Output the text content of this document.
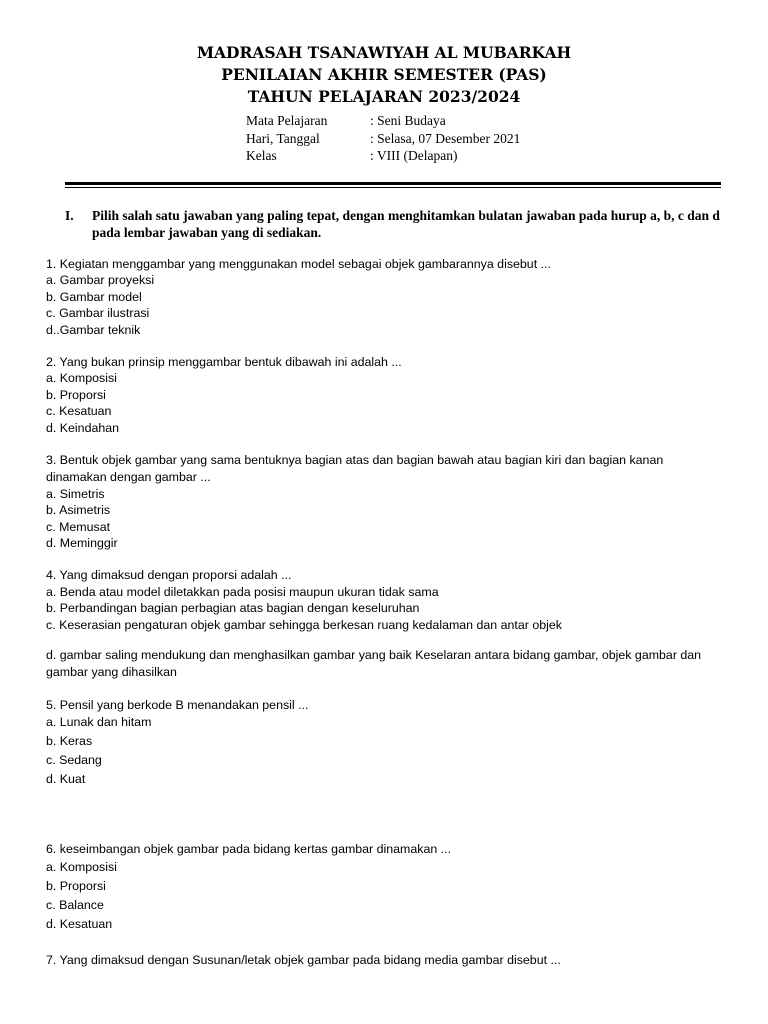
MADRASAH TSANAWIYAH AL MUBARKAH
PENILAIAN AKHIR SEMESTER (PAS)
TAHUN PELAJARAN 2023/2024
Mata Pelajaran	: Seni Budaya
Hari, Tanggal	: Selasa, 07 Desember 2021
Kelas	: VIII (Delapan)
I.	Pilih salah satu jawaban yang paling tepat, dengan menghitamkan bulatan jawaban pada hurup a, b, c dan d pada lembar jawaban yang di sediakan.
1. Kegiatan menggambar yang menggunakan model sebagai objek gambarannya disebut ...
a. Gambar proyeksi
b. Gambar model
c. Gambar ilustrasi
d..Gambar teknik
2. Yang bukan prinsip menggambar bentuk dibawah ini adalah ...
a. Komposisi
b. Proporsi
c. Kesatuan
d. Keindahan
3. Bentuk objek gambar yang sama bentuknya bagian atas dan bagian bawah atau bagian kiri dan bagian kanan dinamakan dengan gambar ...
a. Simetris
b. Asimetris
c. Memusat
d. Meminggir
4. Yang dimaksud dengan proporsi adalah ...
a. Benda atau model diletakkan pada posisi maupun ukuran tidak sama
b. Perbandingan bagian perbagian atas bagian dengan keseluruhan
c. Keserasian pengaturan objek gambar sehingga berkesan ruang kedalaman dan antar objek
d. gambar saling mendukung dan menghasilkan gambar yang baik Keselaran antara bidang gambar, objek gambar dan gambar yang dihasilkan
5. Pensil yang berkode B menandakan pensil ...
a. Lunak dan hitam
b. Keras
c. Sedang
d. Kuat
6. keseimbangan objek gambar pada bidang kertas gambar dinamakan ...
a. Komposisi
b. Proporsi
c. Balance
d. Kesatuan
7. Yang dimaksud dengan Susunan/letak objek gambar pada bidang media gambar disebut ...
